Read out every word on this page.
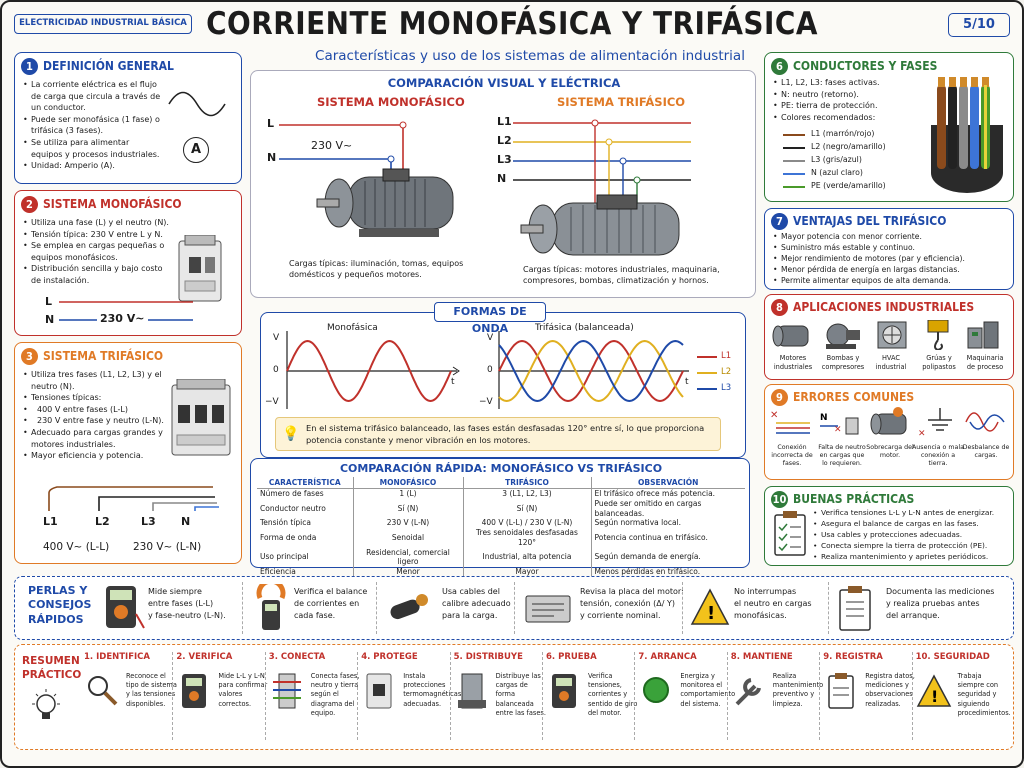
ELECTRICIDAD INDUSTRIAL BÁSICA CORRIENTE MONOFÁSICA Y TRIFÁSICA	5/10
Características y uso de los sistemas de alimentación industrial
1 DEFINICIÓN GENERAL
• La corriente eléctrica es el flujo de carga que circula a través de un conductor.
• Puede ser monofásica (1 fase) o trifásica (3 fases).
• Se utiliza para alimentar equipos y procesos industriales.
• Unidad: Amperio (A).
A
2 SISTEMA MONOFÁSICO
• Utiliza una fase (L) y el neutro (N).
• Tensión típica: 230 V entre L y N.
• Se emplea en cargas pequeñas o equipos monofásicos.
• Distribución sencilla y bajo costo de instalación.
L
N	230 V~
3 SISTEMA TRIFÁSICO
• Utiliza tres fases (L1, L2, L3) y el neutro (N).
• Tensiones típicas:
• 400 V entre fases (L-L)
• 230 V entre fase y neutro (L-N).
• Adecuado para cargas grandes y motores industriales.
• Mayor eficiencia y potencia.
L1	L2	L3 N
400 V~ (L-L) 230 V~ (L-N)
COMPARACIÓN VISUAL Y ELÉCTRICA
SISTEMA MONOFÁSICO	SISTEMA TRIFÁSICO
L
N
230 V~
Cargas típicas: iluminación, tomas, equipos domésticos y pequeños motores.
L1
L2
L3
N
Cargas típicas: motores industriales, maquinaria, compresores, bombas, climatización y hornos.
FORMAS DE ONDA
Monofásica	Trifásica (balanceada)
V
0
−V
t
V
0
−V
t
L1
L2
L3
💡 En el sistema trifásico balanceado, las fases están desfasadas 120° entre sí, lo que proporciona potencia constante y menor vibración en los motores.
COMPARACIÓN RÁPIDA: MONOFÁSICO VS TRIFÁSICO
CARACTERÍSTICA	MONOFÁSICO	TRIFÁSICO	OBSERVACIÓN
Número de fases	1 (L)	3 (L1, L2, L3)	El trifásico ofrece más potencia.
Conductor neutro	Sí (N)	Sí (N)	Puede ser omitido en cargas balanceadas.
Tensión típica	230 V (L-N)	400 V (L-L) / 230 V (L-N)	Según normativa local.
Forma de onda	Senoidal	Tres senoidales desfasadas 120°	Potencia continua en trifásico.
Uso principal	Residencial, comercial ligero	Industrial, alta potencia	Según demanda de energía.
Eficiencia	Menor	Mayor	Menos pérdidas en trifásico.

6 CONDUCTORES Y FASES
• L1, L2, L3: fases activas.
• N: neutro (retorno).
• PE: tierra de protección.
• Colores recomendados:
L1 (marrón/rojo)
L2 (negro/amarillo)
L3 (gris/azul)
N (azul claro)
PE (verde/amarillo)
7 VENTAJAS DEL TRIFÁSICO
• Mayor potencia con menor corriente.
• Suministro más estable y continuo.
• Mejor rendimiento de motores (par y eficiencia).
• Menor pérdida de energía en largas distancias.
• Permite alimentar equipos de alta demanda.
8 APLICACIONES INDUSTRIALES
Motores industriales
Bombas y compresores
HVAC industrial
Grúas y polipastos
Maquinaria de proceso
9 ERRORES COMUNES
✕	N
✕	✕
Conexión incorrecta de fases.
Falta de neutro en cargas que lo requieren.
Sobrecarga del motor.
Ausencia o mala conexión a tierra.
Desbalance de cargas.
10 BUENAS PRÁCTICAS
• Verifica tensiones L-L y L-N antes de energizar.
• Asegura el balance de cargas en las fases.
• Usa cables y protecciones adecuadas.
• Conecta siempre la tierra de protección (PE).
• Realiza mantenimiento y aprietes periódicos.
PERLAS Y CONSEJOS RÁPIDOS
Mide siempre
entre fases (L-L)
y fase-neutro (L-N).
Verifica el balance
de corrientes en
cada fase.
Usa cables del
calibre adecuado
para la carga.
Revisa la placa del motor:
tensión, conexión (Δ/ Y)
y corriente nominal.	!
No interrumpas
el neutro en cargas
monofásicas.
Documenta las mediciones
y realiza pruebas antes
del arranque.
RESUMEN PRÁCTICO
1. IDENTIFICA
Reconoce el tipo de sistema y las tensiones disponibles.
2. VERIFICA
Mide L-L y L-N para confirmar valores correctos.
3. CONECTA
Conecta fases, neutro y tierra según el diagrama del equipo.
4. PROTEGE
Instala protecciones termomagnéticas adecuadas.
5. DISTRIBUYE
Distribuye las cargas de forma balanceada entre las fases.
6. PRUEBA
Verifica tensiones, corrientes y sentido de giro del motor.
7. ARRANCA
Energiza y monitorea el comportamiento del sistema.
8. MANTIENE
Realiza mantenimiento preventivo y limpieza.
9. REGISTRA
Registra datos, mediciones y observaciones realizadas.
10. SEGURIDAD
!
Trabaja siempre con seguridad y siguiendo procedimientos.
